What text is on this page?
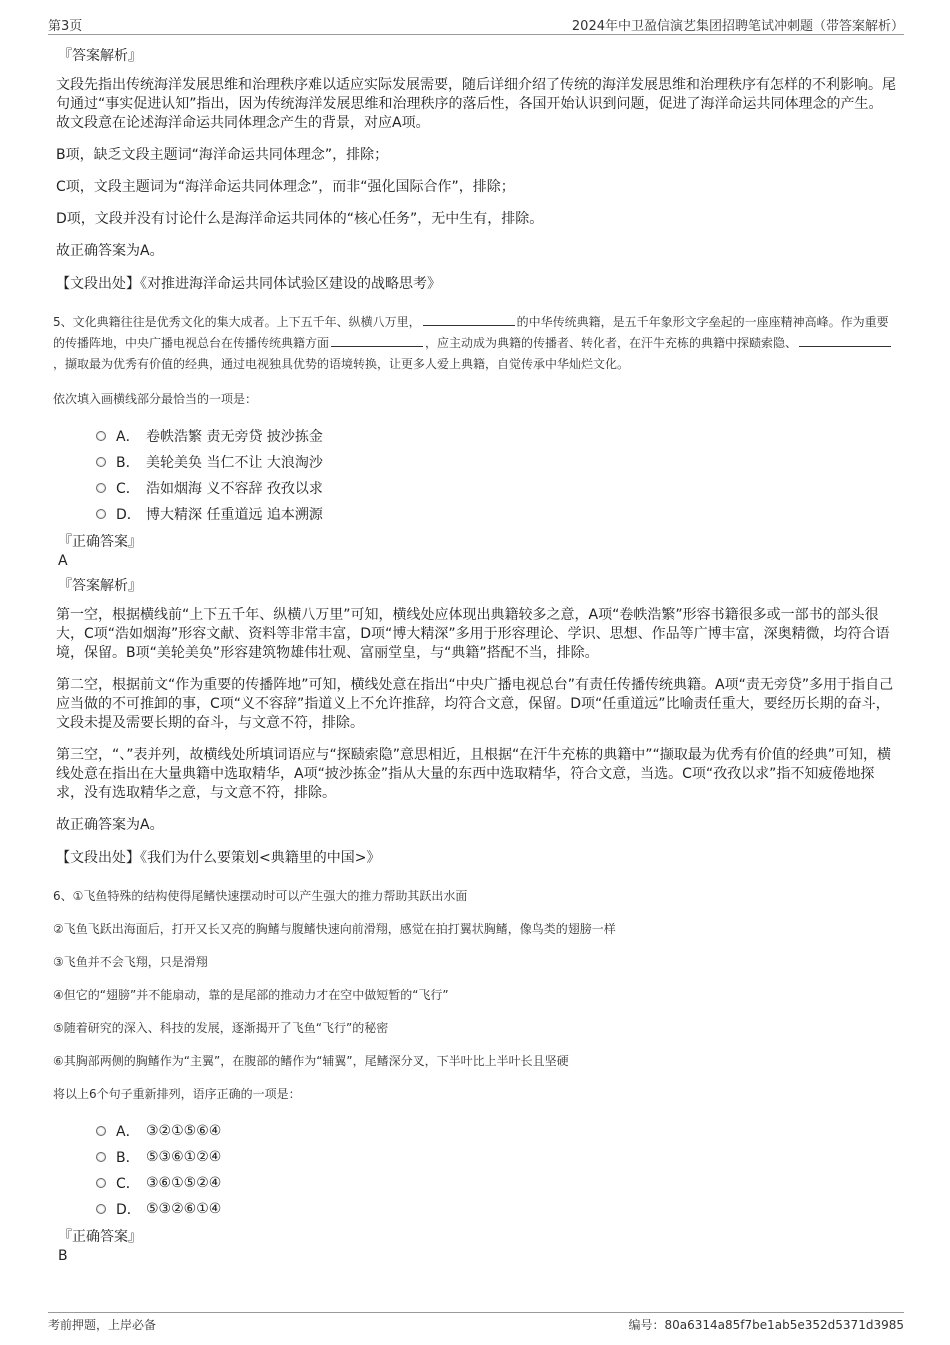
第3页	2024年中卫盈信演艺集团招聘笔试冲刺题（带答案解析）
『答案解析』

文段先指出传统海洋发展思维和治理秩序难以适应实际发展需要，随后详细介绍了传统的海洋发展思维和治理秩序有怎样的不利影响。尾句通过“事实促进认知”指出，因为传统海洋发展思维和治理秩序的落后性，各国开始认识到问题，促进了海洋命运共同体理念的产生。故文段意在论述海洋命运共同体理念产生的背景，对应A项。

B项，缺乏文段主题词“海洋命运共同体理念”，排除；

C项，文段主题词为“海洋命运共同体理念”，而非“强化国际合作”，排除；

D项，文段并没有讨论什么是海洋命运共同体的“核心任务”，无中生有，排除。

故正确答案为A。

【文段出处】《对推进海洋命运共同体试验区建设的战略思考》

5、文化典籍往往是优秀文化的集大成者。上下五千年、纵横八万里，	的中华传统典籍，是五千年象形文字垒起的一座座精神高峰。作为重要的传播阵地，中央广播电视总台在传播传统典籍方面	，应主动成为典籍的传播者、转化者，在汗牛充栋的典籍中探赜索隐、，撷取最为优秀有价值的经典，通过电视独具优势的语境转换，让更多人爱上典籍，自觉传承中华灿烂文化。

依次填入画横线部分最恰当的一项是：

A． 卷帙浩繁 责无旁贷 披沙拣金
B． 美轮美奂 当仁不让 大浪淘沙
C． 浩如烟海 义不容辞 孜孜以求
D． 博大精深 任重道远 追本溯源
『正确答案』
A
『答案解析』

第一空，根据横线前“上下五千年、纵横八万里”可知，横线处应体现出典籍较多之意，A项“卷帙浩繁”形容书籍很多或一部书的部头很大，C项“浩如烟海”形容文献、资料等非常丰富，D项“博大精深”多用于形容理论、学识、思想、作品等广博丰富，深奥精微，均符合语境，保留。B项“美轮美奂”形容建筑物雄伟壮观、富丽堂皇，与“典籍”搭配不当，排除。

第二空，根据前文“作为重要的传播阵地”可知，横线处意在指出“中央广播电视总台”有责任传播传统典籍。A项“责无旁贷”多用于指自己应当做的不可推卸的事，C项“义不容辞”指道义上不允许推辞，均符合文意，保留。D项“任重道远”比喻责任重大，要经历长期的奋斗，文段未提及需要长期的奋斗，与文意不符，排除。

第三空，“、”表并列，故横线处所填词语应与“探赜索隐”意思相近，且根据“在汗牛充栋的典籍中”“撷取最为优秀有价值的经典”可知，横线处意在指出在大量典籍中选取精华，A项“披沙拣金”指从大量的东西中选取精华，符合文意，当选。C项“孜孜以求”指不知疲倦地探求，没有选取精华之意，与文意不符，排除。

故正确答案为A。

【文段出处】《我们为什么要策划<典籍里的中国>》

6、①飞鱼特殊的结构使得尾鳍快速摆动时可以产生强大的推力帮助其跃出水面

②飞鱼飞跃出海面后，打开又长又亮的胸鳍与腹鳍快速向前滑翔，感觉在拍打翼状胸鳍，像鸟类的翅膀一样

③飞鱼并不会飞翔，只是滑翔

④但它的“翅膀”并不能扇动，靠的是尾部的推动力才在空中做短暂的“飞行”

⑤随着研究的深入、科技的发展，逐渐揭开了飞鱼“飞行”的秘密

⑥其胸部两侧的胸鳍作为“主翼”，在腹部的鳍作为“辅翼”，尾鳍深分叉，下半叶比上半叶长且坚硬

将以上6个句子重新排列，语序正确的一项是：

A． ③②①⑤⑥④
B． ⑤③⑥①②④
C． ③⑥①⑤②④
D． ⑤③②⑥①④
『正确答案』
B
考前押题，上岸必备	编号：80a6314a85f7be1ab5e352d5371d3985
